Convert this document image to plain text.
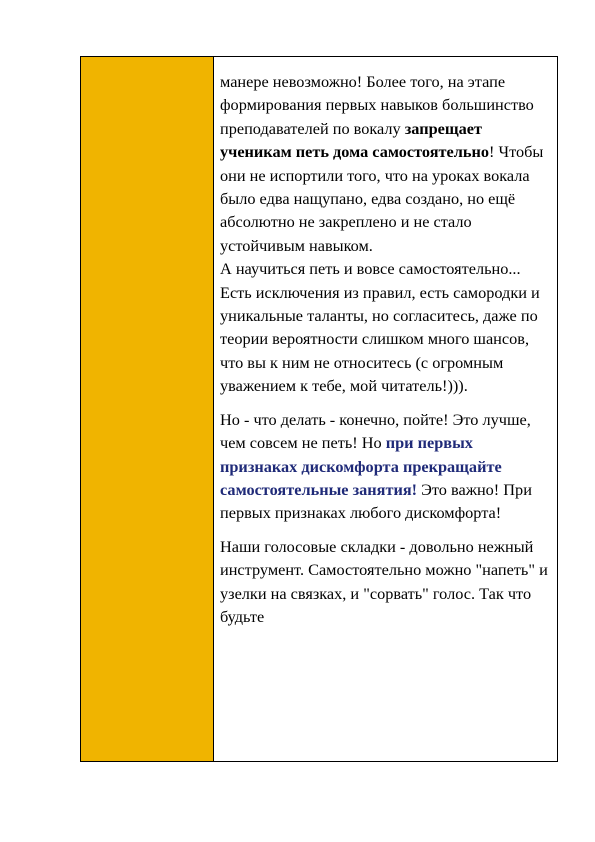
манере невозможно! Более того, на этапе формирования первых навыков большинство преподавателей по вокалу запрещает ученикам петь дома самостоятельно! Чтобы они не испортили того, что на уроках вокала было едва нащупано, едва создано, но ещё абсолютно не закреплено и не стало устойчивым навыком.

А научиться петь и вовсе самостоятельно... Есть исключения из правил, есть самородки и уникальные таланты, но согласитесь, даже по теории вероятности слишком много шансов, что вы к ним не относитесь (с огромным уважением к тебе, мой читатель!))).

Но - что делать - конечно, пойте! Это лучше, чем совсем не петь! Но при первых признаках дискомфорта прекращайте самостоятельные занятия! Это важно! При первых признаках любого дискомфорта!

Наши голосовые складки - довольно нежный инструмент. Самостоятельно можно "напеть" и узелки на связках, и "сорвать" голос. Так что будьте
